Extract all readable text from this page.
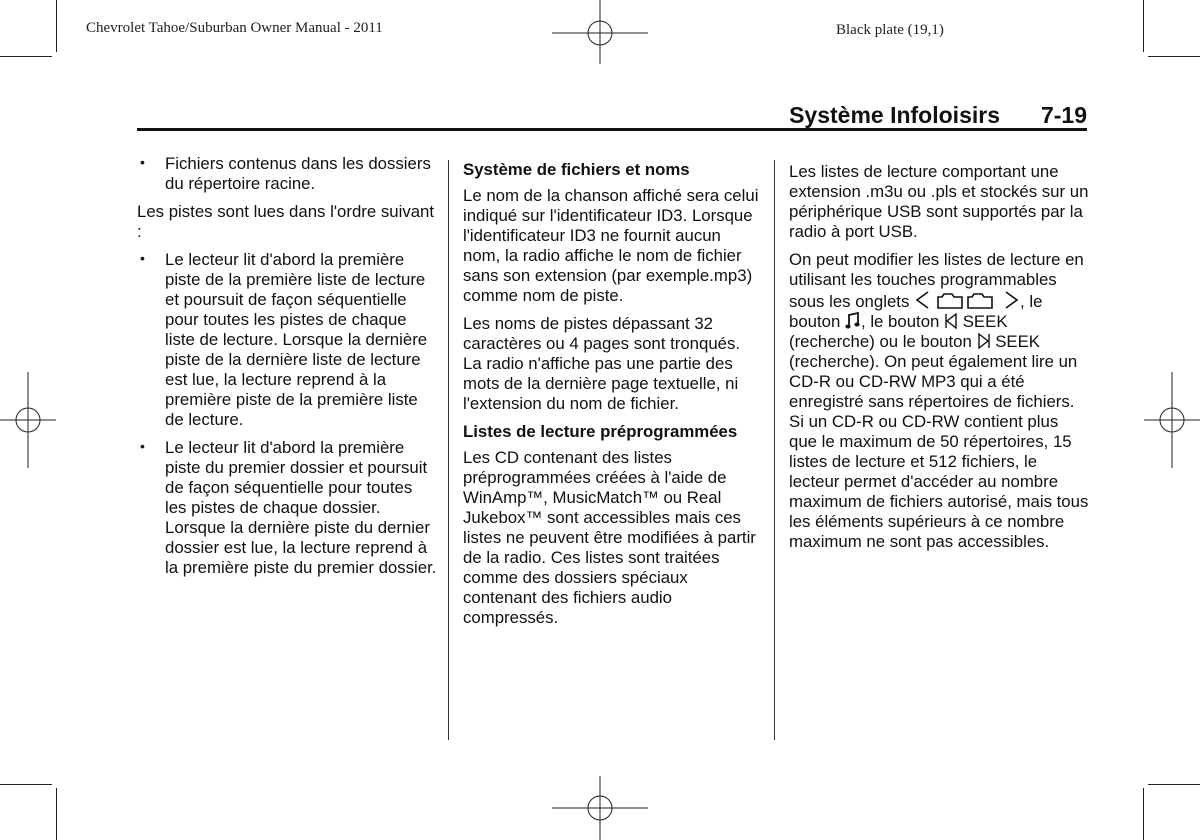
Chevrolet Tahoe/Suburban Owner Manual - 2011	Black plate (19,1)
Système Infoloisirs 7-19
• Fichiers contenus dans les dossiers du répertoire racine.

Les pistes sont lues dans l'ordre suivant :

• Le lecteur lit d'abord la première piste de la première liste de lecture et poursuit de façon séquentielle pour toutes les pistes de chaque liste de lecture. Lorsque la dernière piste de la dernière liste de lecture est lue, la lecture reprend à la première piste de la première liste de lecture.
• Le lecteur lit d'abord la première piste du premier dossier et poursuit de façon séquentielle pour toutes les pistes de chaque dossier. Lorsque la dernière piste du dernier dossier est lue, la lecture reprend à la première piste du premier dossier.
Système de fichiers et noms

Le nom de la chanson affiché sera celui indiqué sur l'identificateur ID3. Lorsque l'identificateur ID3 ne fournit aucun nom, la radio affiche le nom de fichier sans son extension (par exemple.mp3) comme nom de piste.

Les noms de pistes dépassant 32 caractères ou 4 pages sont tronqués. La radio n'affiche pas une partie des mots de la dernière page textuelle, ni l'extension du nom de fichier.

Listes de lecture préprogrammées

Les CD contenant des listes préprogrammées créées à l'aide de WinAmp™, MusicMatch™ ou Real Jukebox™ sont accessibles mais ces listes ne peuvent être modifiées à partir de la radio. Ces listes sont traitées comme des dossiers spéciaux contenant des fichiers audio compressés.

Les listes de lecture comportant une extension .m3u ou .pls et stockés sur un périphérique USB sont supportés par la radio à port USB.

On peut modifier les listes de lecture en utilisant les touches programmables sous les onglets	, le bouton , le bouton SEEK (recherche) ou le bouton SEEK (recherche). On peut également lire un CD-R ou CD-RW MP3 qui a été enregistré sans répertoires de fichiers. Si un CD-R ou CD-RW contient plus que le maximum de 50 répertoires, 15 listes de lecture et 512 fichiers, le lecteur permet d'accéder au nombre maximum de fichiers autorisé, mais tous les éléments supérieurs à ce nombre maximum ne sont pas accessibles.
